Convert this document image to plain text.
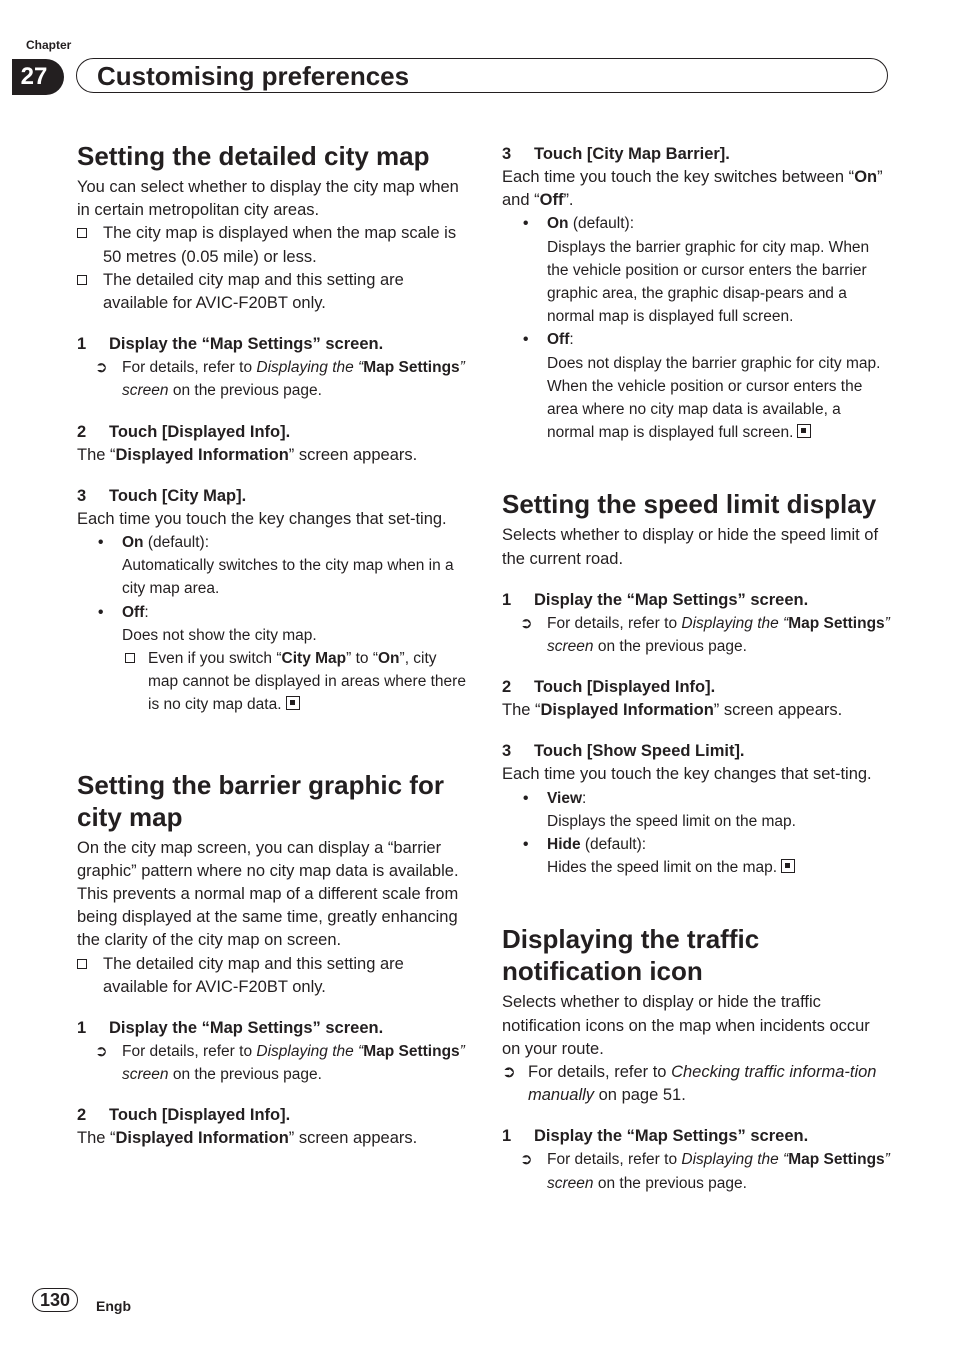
Chapter
27	Customising preferences
Setting the detailed city map

You can select whether to display the city map when in certain metropolitan city areas.

The city map is displayed when the map scale is 50 metres (0.05 mile) or less.
The detailed city map and this setting are available for AVIC-F20BT only.
1 Display the “Map Settings” screen.
➲ For details, refer to Displaying the “Map Settings” screen on the previous page.
2 Touch [Displayed Info].

The “Displayed Information” screen appears.

3 Touch [City Map].

Each time you touch the key changes that set-ting.

• On (default):
Automatically switches to the city map when in a city map area.
• Off:
Does not show the city map.
Even if you switch “City Map” to “On”, city map cannot be displayed in areas where there is no city map data.
Setting the barrier graphic for city map

On the city map screen, you can display a “barrier graphic” pattern where no city map data is available. This prevents a normal map of a different scale from being displayed at the same time, greatly enhancing the clarity of the city map on screen.

The detailed city map and this setting are available for AVIC-F20BT only.
1 Display the “Map Settings” screen.
➲ For details, refer to Displaying the “Map Settings” screen on the previous page.
2 Touch [Displayed Info].

The “Displayed Information” screen appears.

3 Touch [City Map Barrier].

Each time you touch the key switches between “On” and “Off”.

• On (default):
Displays the barrier graphic for city map. When the vehicle position or cursor enters the barrier graphic area, the graphic disap-pears and a normal map is displayed full screen.
• Off:
Does not display the barrier graphic for city map. When the vehicle position or cursor enters the area where no city map data is available, a normal map is displayed full screen.
Setting the speed limit display

Selects whether to display or hide the speed limit of the current road.

1 Display the “Map Settings” screen.
➲ For details, refer to Displaying the “Map Settings” screen on the previous page.
2 Touch [Displayed Info].

The “Displayed Information” screen appears.

3 Touch [Show Speed Limit].

Each time you touch the key changes that set-ting.

• View:
Displays the speed limit on the map.
• Hide (default):
Hides the speed limit on the map.
Displaying the traffic notification icon

Selects whether to display or hide the traffic notification icons on the map when incidents occur on your route.

➲ For details, refer to Checking traffic informa-tion manually on page 51.
1 Display the “Map Settings” screen.
➲ For details, refer to Displaying the “Map Settings” screen on the previous page.
130	Engb
